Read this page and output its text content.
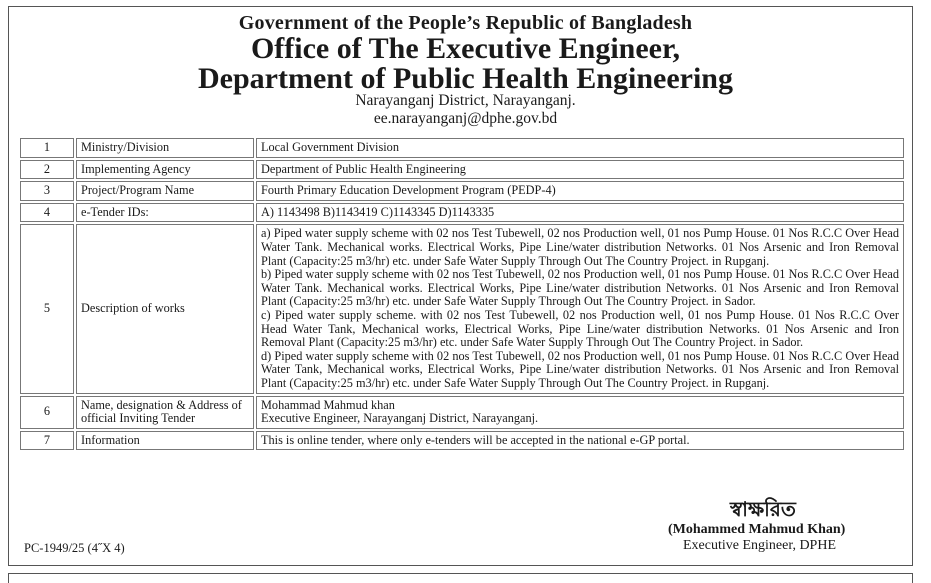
Government of the People’s Republic of Bangladesh
Office of The Executive Engineer,
Department of Public Health Engineering
Narayanganj District, Narayanganj.
ee.narayanganj@dphe.gov.bd
1	Ministry/Division	Local Government Division
2	Implementing Agency	Department of Public Health Engineering
3	Project/Program Name	Fourth Primary Education Development Program (PEDP-4)
4	e-Tender IDs:	A) 1143498 B)1143419 C)1143345 D)1143335
5	Description of works	a) Piped water supply scheme with 02 nos Test Tubewell, 02 nos Production well, 01 nos Pump House. 01 Nos R.C.C Over Head Water Tank. Mechanical works. Electrical Works, Pipe Line/water distribution Networks. 01 Nos Arsenic and Iron Removal Plant (Capacity:25 m3/hr) etc. under Safe Water Supply Through Out The Country Project. in Rupganj.

b) Piped water supply scheme with 02 nos Test Tubewell, 02 nos Production well, 01 nos Pump House. 01 Nos R.C.C Over Head Water Tank. Mechanical works. Electrical Works, Pipe Line/water distribution Networks. 01 Nos Arsenic and Iron Removal Plant (Capacity:25 m3/hr) etc. under Safe Water Supply Through Out The Country Project. in Sador.

c) Piped water supply scheme. with 02 nos Test Tubewell, 02 nos Production well, 01 nos Pump House. 01 Nos R.C.C Over Head Water Tank, Mechanical works, Electrical Works, Pipe Line/water distribution Networks. 01 Nos Arsenic and Iron Removal Plant (Capacity:25 m3/hr) etc. under Safe Water Supply Through Out The Country Project. in Sador.

d) Piped water supply scheme with 02 nos Test Tubewell, 02 nos Production well, 01 nos Pump House. 01 Nos R.C.C Over Head Water Tank, Mechanical works, Electrical Works, Pipe Line/water distribution Networks. 01 Nos Arsenic and Iron Removal Plant (Capacity:25 m3/hr) etc. under Safe Water Supply Through Out The Country Project. in Rupganj.

6	Name, designation & Address of official Inviting Tender	Mohammad Mahmud khan
Executive Engineer, Narayanganj District, Narayanganj.

7	Information	This is online tender, where only e-tenders will be accepted in the national e-GP portal.
স্বাক্ষরিত
(Mohammed Mahmud Khan)
Executive Engineer, DPHE
PC-1949/25 (4˝X 4)
